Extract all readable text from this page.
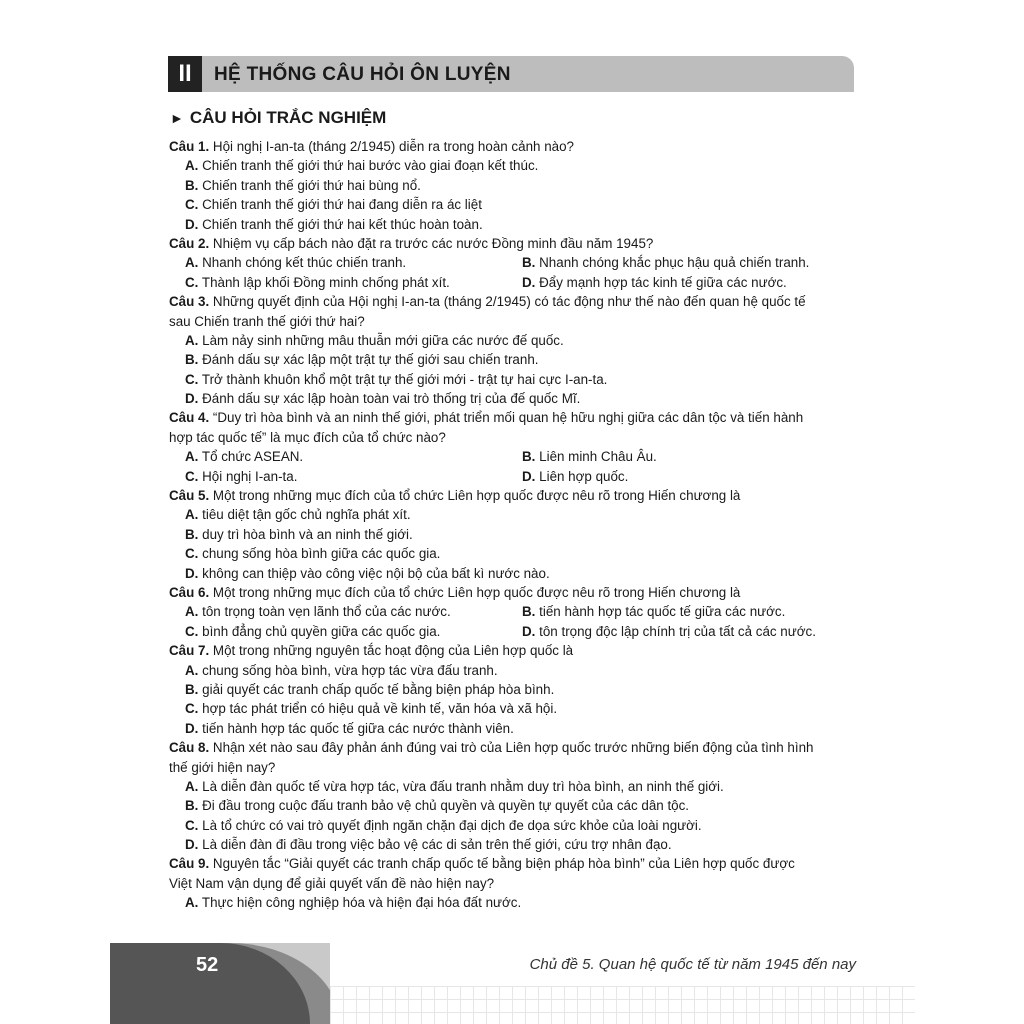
II	HỆ THỐNG CÂU HỎI ÔN LUYỆN
► CÂU HỎI TRẮC NGHIỆM
Câu 1. Hội nghị I-an-ta (tháng 2/1945) diễn ra trong hoàn cảnh nào?
A. Chiến tranh thế giới thứ hai bước vào giai đoạn kết thúc.
B. Chiến tranh thế giới thứ hai bùng nổ.
C. Chiến tranh thế giới thứ hai đang diễn ra ác liệt
D. Chiến tranh thế giới thứ hai kết thúc hoàn toàn.
Câu 2. Nhiệm vụ cấp bách nào đặt ra trước các nước Đồng minh đầu năm 1945?
A. Nhanh chóng kết thúc chiến tranh.	B. Nhanh chóng khắc phục hậu quả chiến tranh.
C. Thành lập khối Đồng minh chống phát xít.	D. Đẩy mạnh hợp tác kinh tế giữa các nước.
Câu 3. Những quyết định của Hội nghị I-an-ta (tháng 2/1945) có tác động như thế nào đến quan hệ quốc tế
sau Chiến tranh thế giới thứ hai?
A. Làm nảy sinh những mâu thuẫn mới giữa các nước đế quốc.
B. Đánh dấu sự xác lập một trật tự thế giới sau chiến tranh.
C. Trở thành khuôn khổ một trật tự thế giới mới - trật tự hai cực I-an-ta.
D. Đánh dấu sự xác lập hoàn toàn vai trò thống trị của đế quốc Mĩ.
Câu 4. “Duy trì hòa bình và an ninh thế giới, phát triển mối quan hệ hữu nghị giữa các dân tộc và tiến hành
hợp tác quốc tế” là mục đích của tổ chức nào?
A. Tổ chức ASEAN.	B. Liên minh Châu Âu.
C. Hội nghị I-an-ta.	D. Liên hợp quốc.
Câu 5. Một trong những mục đích của tổ chức Liên hợp quốc được nêu rõ trong Hiến chương là
A. tiêu diệt tận gốc chủ nghĩa phát xít.
B. duy trì hòa bình và an ninh thế giới.
C. chung sống hòa bình giữa các quốc gia.
D. không can thiệp vào công việc nội bộ của bất kì nước nào.
Câu 6. Một trong những mục đích của tổ chức Liên hợp quốc được nêu rõ trong Hiến chương là
A. tôn trọng toàn vẹn lãnh thổ của các nước.	B. tiến hành hợp tác quốc tế giữa các nước.
C. bình đẳng chủ quyền giữa các quốc gia.	D. tôn trọng độc lập chính trị của tất cả các nước.
Câu 7. Một trong những nguyên tắc hoạt động của Liên hợp quốc là
A. chung sống hòa bình, vừa hợp tác vừa đấu tranh.
B. giải quyết các tranh chấp quốc tế bằng biện pháp hòa bình.
C. hợp tác phát triển có hiệu quả về kinh tế, văn hóa và xã hội.
D. tiến hành hợp tác quốc tế giữa các nước thành viên.
Câu 8. Nhận xét nào sau đây phản ánh đúng vai trò của Liên hợp quốc trước những biến động của tình hình
thế giới hiện nay?
A. Là diễn đàn quốc tế vừa hợp tác, vừa đấu tranh nhằm duy trì hòa bình, an ninh thế giới.
B. Đi đầu trong cuộc đấu tranh bảo vệ chủ quyền và quyền tự quyết của các dân tộc.
C. Là tổ chức có vai trò quyết định ngăn chặn đại dịch đe dọa sức khỏe của loài người.
D. Là diễn đàn đi đầu trong việc bảo vệ các di sản trên thế giới, cứu trợ nhân đạo.
Câu 9. Nguyên tắc “Giải quyết các tranh chấp quốc tế bằng biện pháp hòa bình” của Liên hợp quốc được
Việt Nam vận dụng để giải quyết vấn đề nào hiện nay?
A. Thực hiện công nghiệp hóa và hiện đại hóa đất nước.
52	Chủ đề 5. Quan hệ quốc tế từ năm 1945 đến nay
